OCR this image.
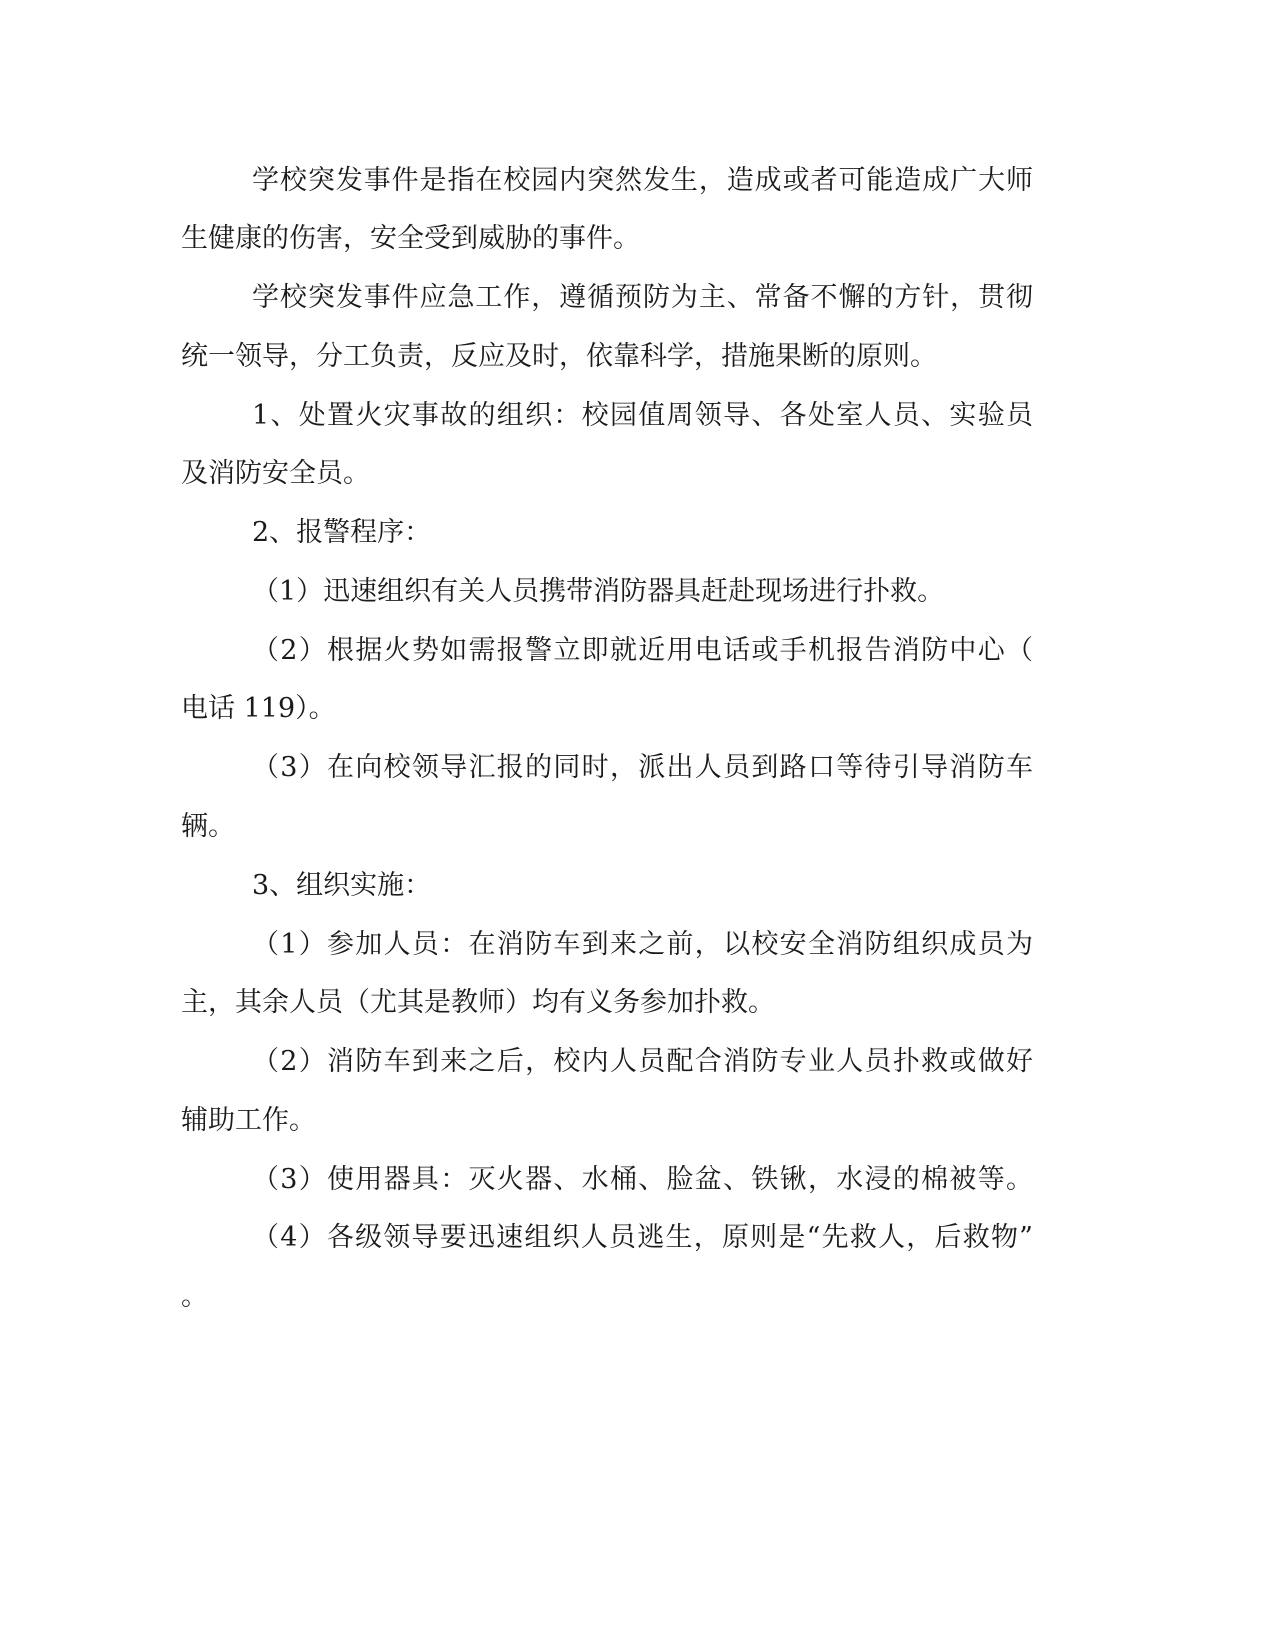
学校突发事件是指在校园内突然发生，造成或者可能造成广大师
生健康的伤害，安全受到威胁的事件。
学校突发事件应急工作，遵循预防为主、常备不懈的方针，贯彻
统一领导，分工负责，反应及时，依靠科学，措施果断的原则。
1、处置火灾事故的组织：校园值周领导、各处室人员、实验员
及消防安全员。
2、报警程序：
（1）迅速组织有关人员携带消防器具赶赴现场进行扑救。
（2）根据火势如需报警立即就近用电话或手机报告消防中心（
电话 119）。
（3）在向校领导汇报的同时，派出人员到路口等待引导消防车
辆。
3、组织实施：
（1）参加人员：在消防车到来之前，以校安全消防组织成员为
主，其余人员（尤其是教师）均有义务参加扑救。
（2）消防车到来之后，校内人员配合消防专业人员扑救或做好
辅助工作。
（3）使用器具：灭火器、水桶、脸盆、铁锹，水浸的棉被等。
（4）各级领导要迅速组织人员逃生，原则是“先救人，后救物”
。
